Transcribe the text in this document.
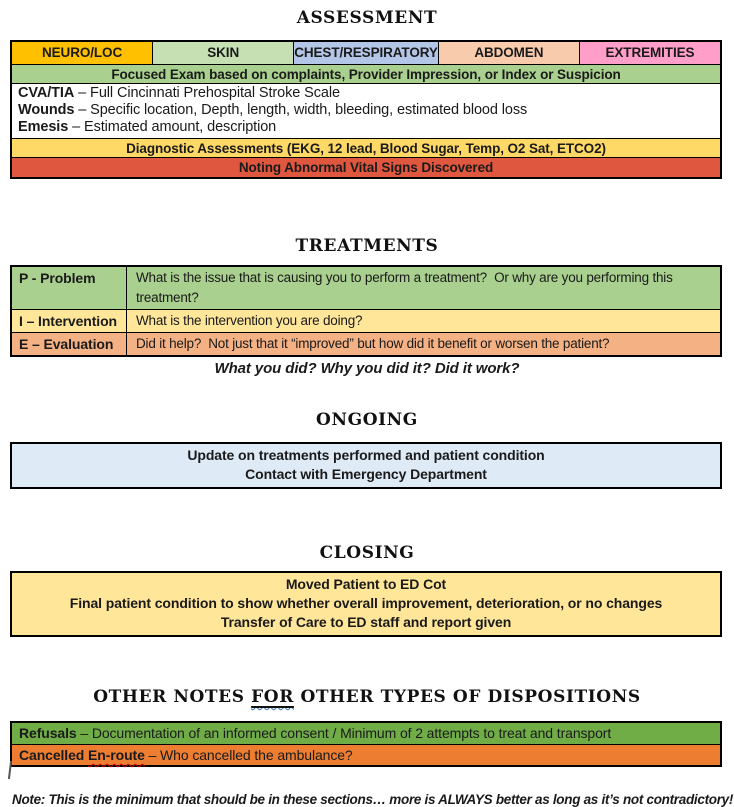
ASSESSMENT
NEURO/LOC	SKIN	CHEST/RESPIRATORY	ABDOMEN	EXTREMITIES
Focused Exam based on complaints, Provider Impression, or Index or Suspicion
CVA/TIA – Full Cincinnati Prehospital Stroke Scale
Wounds – Specific location, Depth, length, width, bleeding, estimated blood loss
Emesis – Estimated amount, description
Diagnostic Assessments (EKG, 12 lead, Blood Sugar, Temp, O2 Sat, ETCO2)
Noting Abnormal Vital Signs Discovered
TREATMENTS
P - Problem	What is the issue that is causing you to perform a treatment?  Or why are you performing this treatment?
I – Intervention	What is the intervention you are doing?
E – Evaluation	Did it help?  Not just that it “improved” but how did it benefit or worsen the patient?
What you did? Why you did it? Did it work?
ONGOING
Update on treatments performed and patient condition
Contact with Emergency Department
CLOSING
Moved Patient to ED Cot
Final patient condition to show whether overall improvement, deterioration, or no changes
Transfer of Care to ED staff and report given
OTHER NOTES FOR OTHER TYPES OF DISPOSITIONS
Refusals – Documentation of an informed consent / Minimum of 2 attempts to treat and transport
Cancelled En-route – Who cancelled the ambulance?
Note: This is the minimum that should be in these sections… more is ALWAYS better as long as it’s not contradictory!
